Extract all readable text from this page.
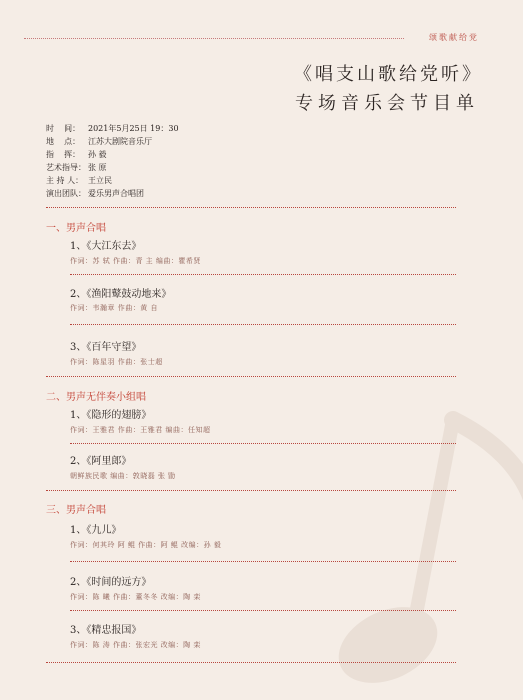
颂歌献给党
《唱支山歌给党听》
专场音乐会节目单
时    间： 2021年5月25日 19：30
地    点： 江苏大剧院音乐厅
指    挥： 孙 毅
艺术指导： 张 原
主 持 人： 王立民
演出团队： 爱乐男声合唱团
一、男声合唱
1、《大江东去》
作词：苏 轼 作曲：青 主 编曲：瞿希贤
2、《渔阳鼙鼓动地来》
作词：韦瀚章 作曲：黄 自
3、《百年守望》
作词：陈星羽 作曲：张士超
二、男声无伴奏小组唱
1、《隐形的翅膀》
作词：王雅君 作曲：王雅君 编曲：任知超
2、《阿里郎》
朝鲜族民歌 编曲：敦晓磊 张 勖
三、男声合唱
1、《九儿》
作词：何其玲 阿 鲲 作曲：阿 鲲 改编：孙 毅
2、《时间的远方》
作词：陈 曦 作曲：董冬冬 改编：陶 栾
3、《精忠报国》
作词：陈 涛 作曲：张宏光 改编：陶 栾
